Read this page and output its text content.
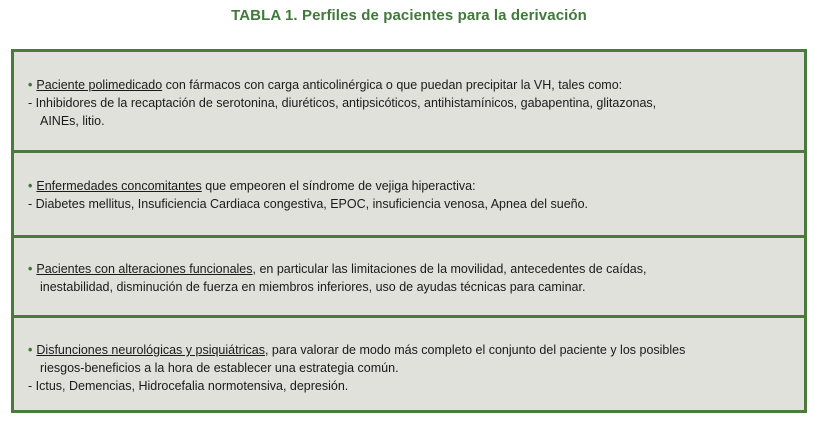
TABLA 1. Perfiles de pacientes para la derivación
• Paciente polimedicado con fármacos con carga anticolinérgica o que puedan precipitar la VH, tales como:
- Inhibidores de la recaptación de serotonina, diuréticos, antipsicóticos, antihistamínicos, gabapentina, glitazonas,
AINEs, litio.
• Enfermedades concomitantes que empeoren el síndrome de vejiga hiperactiva:
- Diabetes mellitus, Insuficiencia Cardiaca congestiva, EPOC, insuficiencia venosa, Apnea del sueño.
• Pacientes con alteraciones funcionales, en particular las limitaciones de la movilidad, antecedentes de caídas,
inestabilidad, disminución de fuerza en miembros inferiores, uso de ayudas técnicas para caminar.
• Disfunciones neurológicas y psiquiátricas, para valorar de modo más completo el conjunto del paciente y los posibles
riesgos-beneficios a la hora de establecer una estrategia común.
- Ictus, Demencias, Hidrocefalia normotensiva, depresión.
